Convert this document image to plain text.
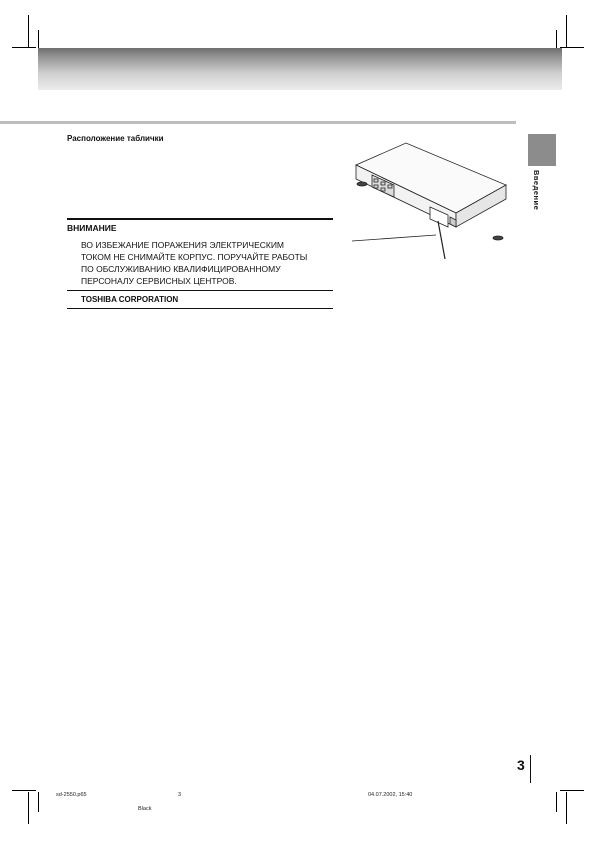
Введение
Расположение таблички
ВНИМАНИЕ
ВО ИЗБЕЖАНИЕ ПОРАЖЕНИЯ ЭЛЕКТРИЧЕСКИМ
ТОКОМ НЕ СНИМАЙТЕ КОРПУС. ПОРУЧАЙТЕ РАБОТЫ
ПО ОБСЛУЖИВАНИЮ КВАЛИФИЦИРОВАННОМУ
ПЕРСОНАЛУ СЕРВИСНЫХ ЦЕНТРОВ.
TOSHIBA CORPORATION
3
sd-2550.p65	3	04.07.2002, 15:40
Black
